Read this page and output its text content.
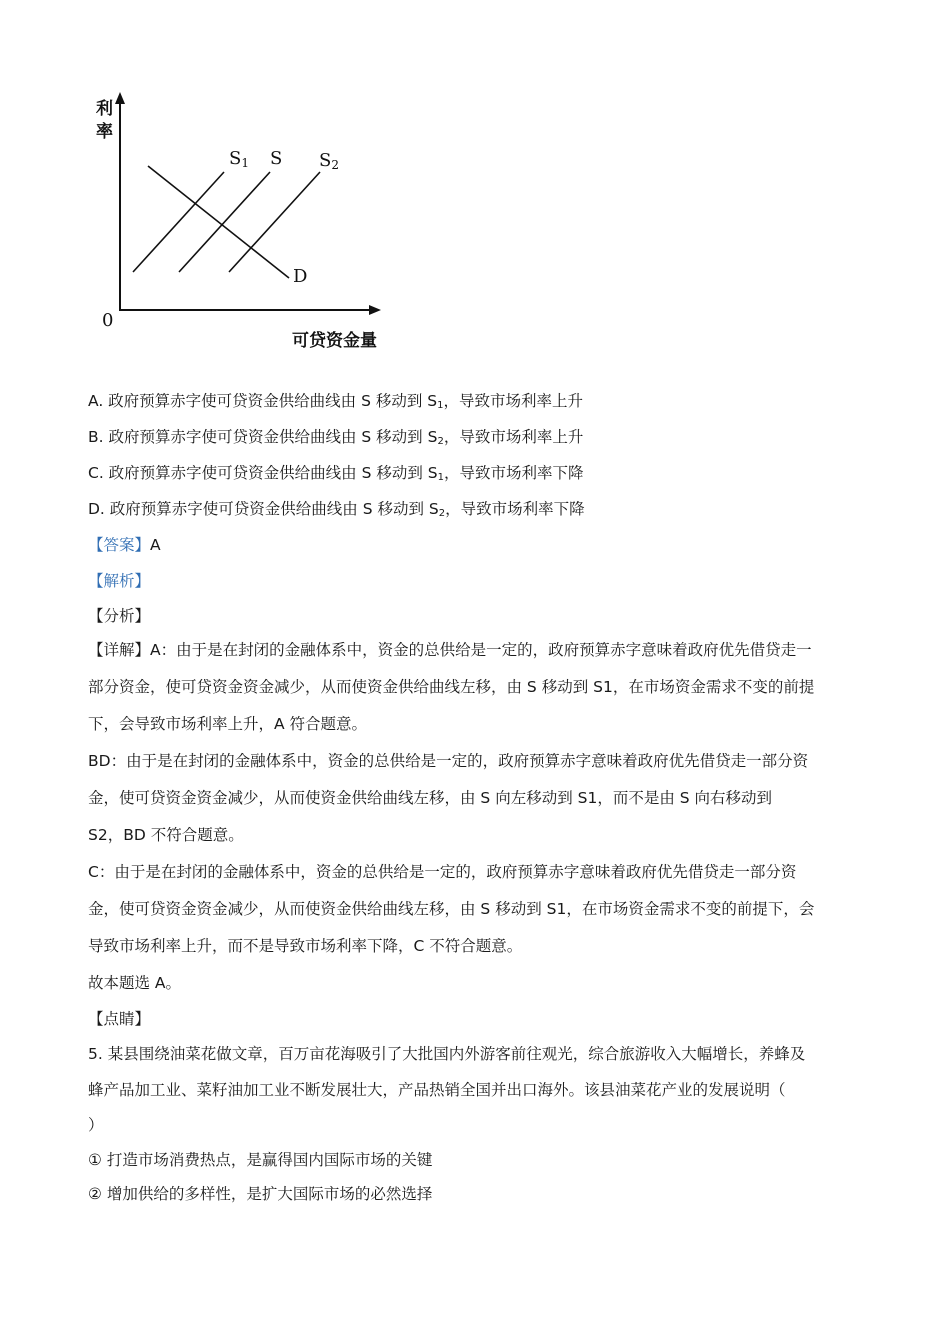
利
率
0
可贷资金量
S1 S S2
D
A. 政府预算赤字使可贷资金供给曲线由 S 移动到 $S_1$，导致市场利率上升
B. 政府预算赤字使可贷资金供给曲线由 S 移动到 $S_2$，导致市场利率上升
C. 政府预算赤字使可贷资金供给曲线由 S 移动到 $S_1$，导致市场利率下降
D. 政府预算赤字使可贷资金供给曲线由 S 移动到 $S_2$，导致市场利率下降
【答案】A
【解析】
【分析】
【详解】A：由于是在封闭的金融体系中，资金的总供给是一定的，政府预算赤字意味着政府优先借贷走一
部分资金，使可贷资金资金减少，从而使资金供给曲线左移，由 S 移动到 S1，在市场资金需求不变的前提
下，会导致市场利率上升，A 符合题意。
BD：由于是在封闭的金融体系中，资金的总供给是一定的，政府预算赤字意味着政府优先借贷走一部分资
金，使可贷资金资金减少，从而使资金供给曲线左移，由 S 向左移动到 S1，而不是由 S 向右移动到
S2，BD 不符合题意。
C：由于是在封闭的金融体系中，资金的总供给是一定的，政府预算赤字意味着政府优先借贷走一部分资
金，使可贷资金资金减少，从而使资金供给曲线左移，由 S 移动到 S1，在市场资金需求不变的前提下，会
导致市场利率上升，而不是导致市场利率下降，C 不符合题意。
故本题选 A。
【点睛】
5. 某县围绕油菜花做文章，百万亩花海吸引了大批国内外游客前往观光，综合旅游收入大幅增长，养蜂及
蜂产品加工业、菜籽油加工业不断发展壮大，产品热销全国并出口海外。该县油菜花产业的发展说明（
）
① 打造市场消费热点，是赢得国内国际市场的关键
② 增加供给的多样性，是扩大国际市场的必然选择
